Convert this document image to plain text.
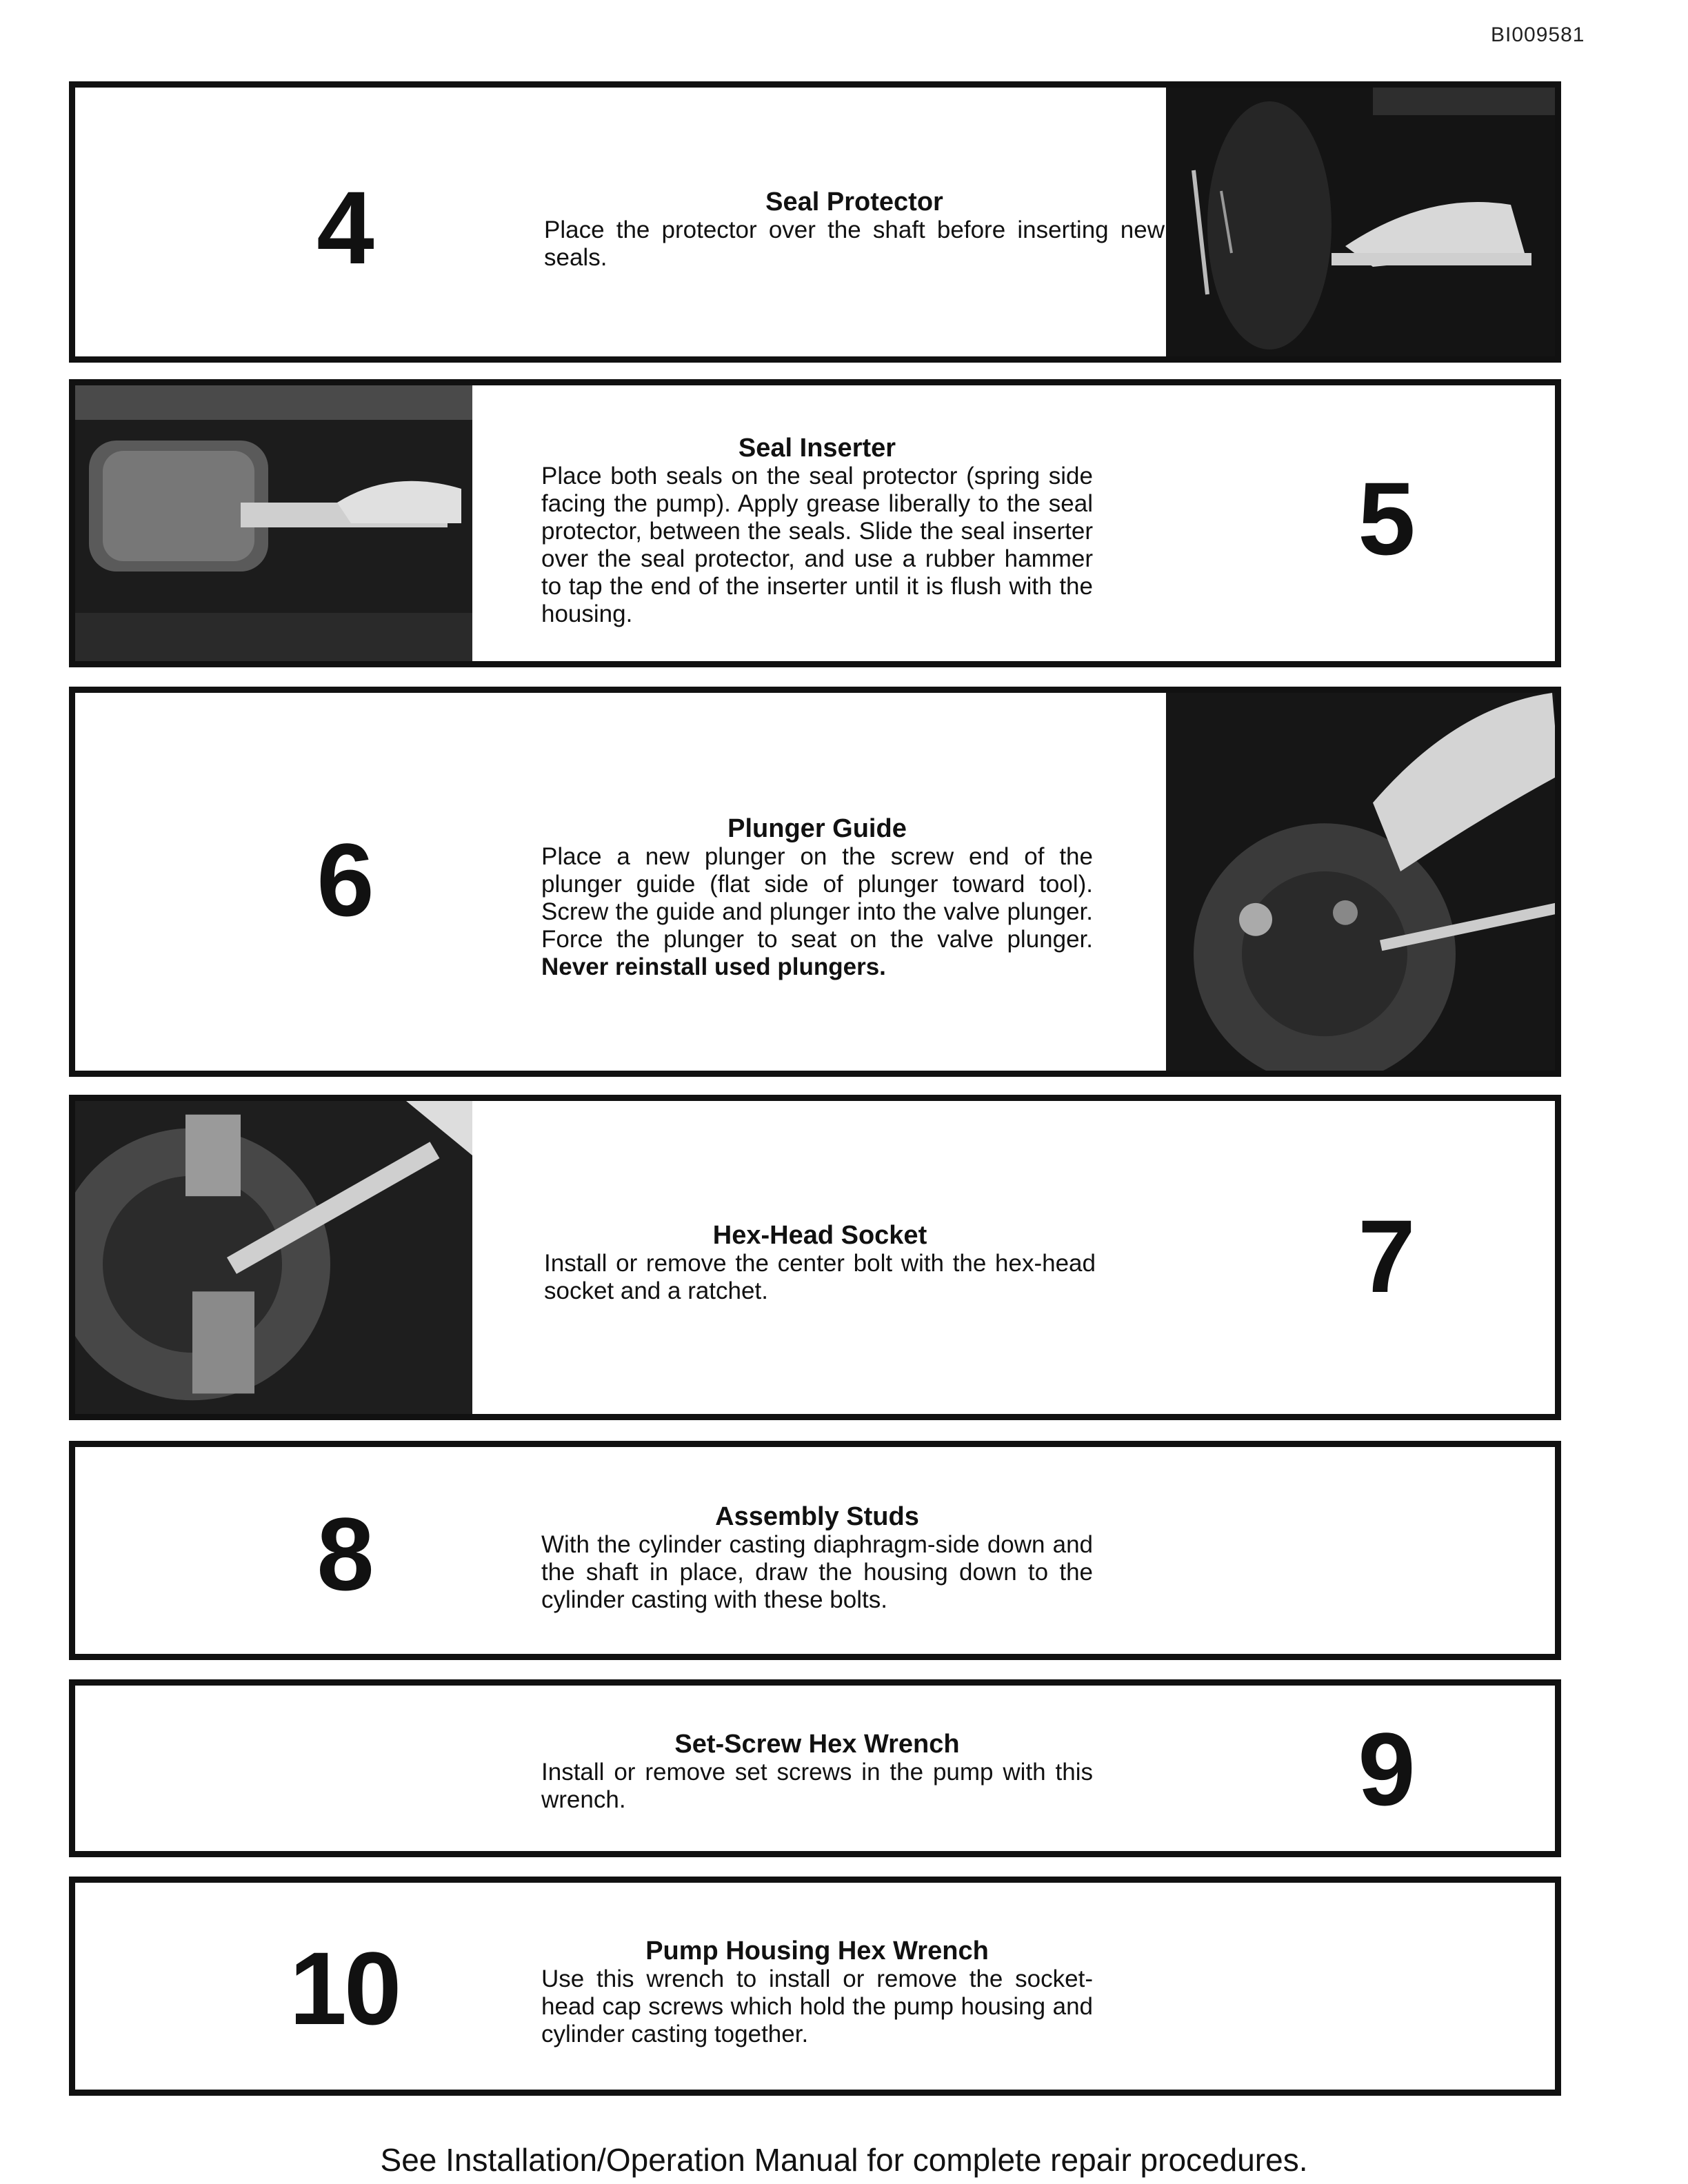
BI009581
4	Seal Protector
Place the protector over the shaft before inserting new seals.
Seal Inserter
Place both seals on the seal protector (spring side facing the pump). Apply grease liberally to the seal protector, between the seals. Slide the seal inserter over the seal protector, and use a rubber hammer to tap the end of the inserter until it is flush with the housing.
5
6	Plunger Guide
Place a new plunger on the screw end of the plunger guide (flat side of plunger toward tool). Screw the guide and plunger into the valve plunger. Force the plunger to seat on the valve plunger. Never reinstall used plungers.
Hex-Head Socket
Install or remove the center bolt with the hex-head socket and a ratchet.	7
8	Assembly Studs
With the cylinder casting diaphragm-side down and the shaft in place, draw the housing down to the cylinder casting with these bolts.
Set-Screw Hex Wrench
Install or remove set screws in the pump with this wrench.	9
10	Pump Housing Hex Wrench
Use this wrench to install or remove the socket-head cap screws which hold the pump housing and cylinder casting together.
See Installation/Operation Manual for complete repair procedures.
